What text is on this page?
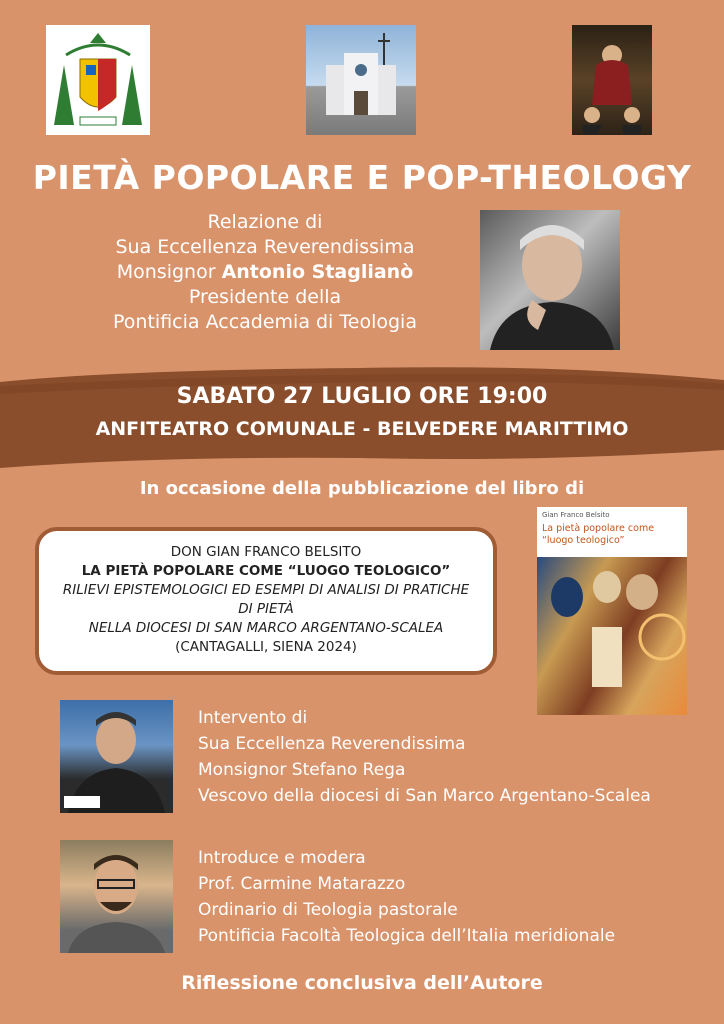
PIETÀ POPOLARE E POP-THEOLOGY
Relazione di
Sua Eccellenza Reverendissima
Monsignor Antonio Staglianò
Presidente della
Pontificia Accademia di Teologia
SABATO 27 LUGLIO ORE 19:00
ANFITEATRO COMUNALE - BELVEDERE MARITTIMO
In occasione della pubblicazione del libro di
DON GIAN FRANCO BELSITO
LA PIETÀ POPOLARE COME “LUOGO TEOLOGICO”
RILIEVI EPISTEMOLOGICI ED ESEMPI DI ANALISI DI PRATICHE
DI PIETÀ
NELLA DIOCESI DI SAN MARCO ARGENTANO-SCALEA
(CANTAGALLI, SIENA 2024)
Gian Franco Belsito
La pietà popolare come “luogo teologico”
Intervento di
Sua Eccellenza Reverendissima
Monsignor Stefano Rega
Vescovo della diocesi di San Marco Argentano-Scalea
Introduce e modera
Prof. Carmine Matarazzo
Ordinario di Teologia pastorale
Pontificia Facoltà Teologica dell’Italia meridionale
Riflessione conclusiva dell’Autore
